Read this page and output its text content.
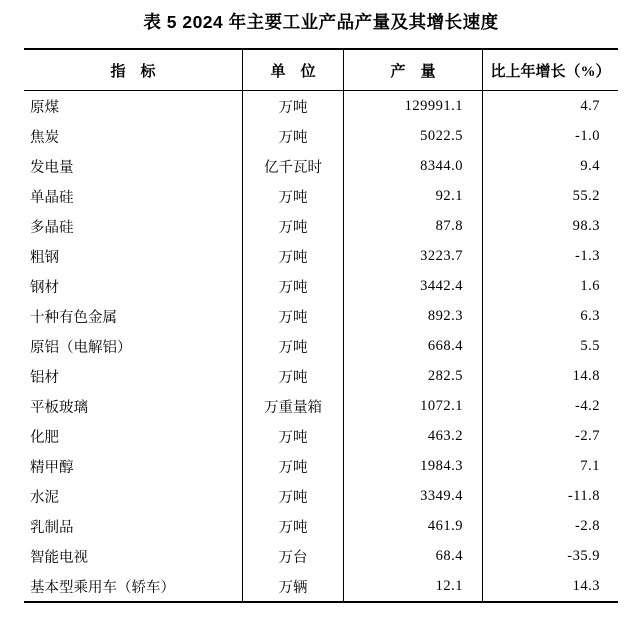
表 5 2024 年主要工业产品产量及其增长速度
指　标	单　位	产　量	比上年增长（%）
原煤	万吨	129991.1	4.7
焦炭	万吨	5022.5	-1.0
发电量	亿千瓦时	8344.0	9.4
单晶硅	万吨	92.1	55.2
多晶硅	万吨	87.8	98.3
粗钢	万吨	3223.7	-1.3
钢材	万吨	3442.4	1.6
十种有色金属	万吨	892.3	6.3
原铝（电解铝）	万吨	668.4	5.5
铝材	万吨	282.5	14.8
平板玻璃	万重量箱	1072.1	-4.2
化肥	万吨	463.2	-2.7
精甲醇	万吨	1984.3	7.1
水泥	万吨	3349.4	-11.8
乳制品	万吨	461.9	-2.8
智能电视	万台	68.4	-35.9
基本型乘用车（轿车）	万辆	12.1	14.3
